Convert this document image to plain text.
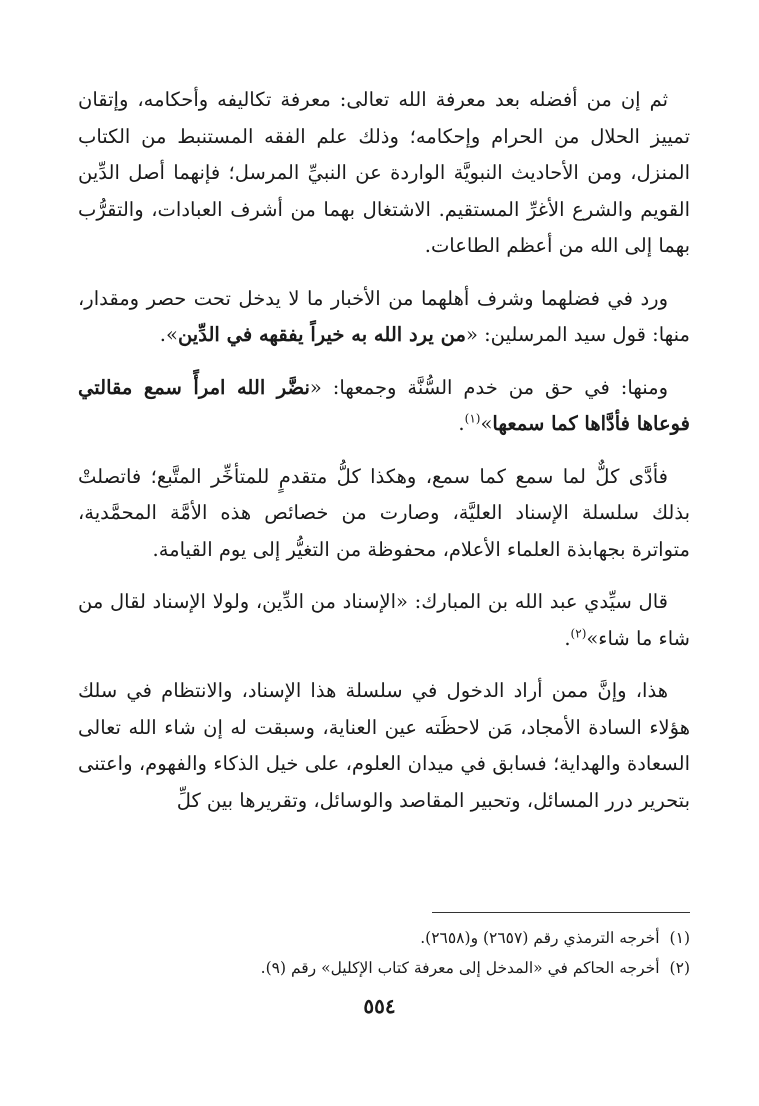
ثم إن من أفضله بعد معرفة الله تعالى: معرفة تكاليفه وأحكامه، وإتقان تمييز الحلال من الحرام وإحكامه؛ وذلك علم الفقه المستنبط من الكتاب المنزل، ومن الأحاديث النبويَّة الواردة عن النبيِّ المرسل؛ فإنهما أصل الدِّين القويم والشرع الأغرِّ المستقيم. الاشتغال بهما من أشرف العبادات، والتقرُّب بهما إلى الله من أعظم الطاعات.

ورد في فضلهما وشرف أهلهما من الأخبار ما لا يدخل تحت حصر ومقدار، منها: قول سيد المرسلين: «من يرد الله به خيراً يفقهه في الدِّين».

ومنها: في حق من خدم السُّنَّة وجمعها: «نضَّر الله امرأً سمع مقالتي فوعاها فأدَّاها كما سمعها»$^{(١)}$.

فأدَّى كلٌّ لما سمع كما سمع، وهكذا كلُّ متقدمٍ للمتأخِّر المتَّبع؛ فاتصلتْ بذلك سلسلة الإسناد العليَّة، وصارت من خصائص هذه الأمَّة المحمَّدية، متواترة بجهابذة العلماء الأعلام، محفوظة من التغيُّر إلى يوم القيامة.

قال سيِّدي عبد الله بن المبارك: «الإسناد من الدِّين، ولولا الإسناد لقال من شاء ما شاء»$^{(٢)}$.

هذا، وإنَّ ممن أراد الدخول في سلسلة هذا الإسناد، والانتظام في سلك هؤلاء السادة الأمجاد، مَن لاحظَته عين العناية، وسبقت له إن شاء الله تعالى السعادة والهداية؛ فسابق في ميدان العلوم، على خيل الذكاء والفهوم، واعتنى بتحرير درر المسائل، وتحبير المقاصد والوسائل، وتقريرها بين كلِّ

(١)أخرجه الترمذي رقم (٢٦٥٧) و(٢٦٥٨).
(٢)أخرجه الحاكم في «المدخل إلى معرفة كتاب الإكليل» رقم (٩).
٥٥٤
